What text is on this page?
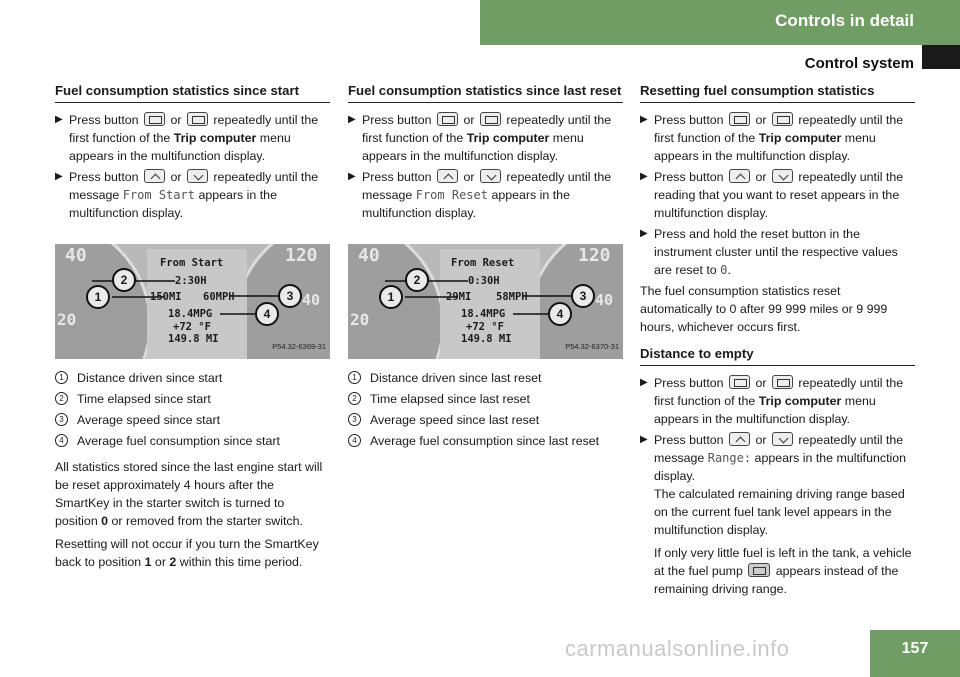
Controls in detail
Control system
Fuel consumption statistics since start
▶ Press button	or	repeatedly until the first function of the Trip computer menu appears in the multifunction display.
▶ Press button	or	repeatedly until the message From Start appears in the multifunction display.
40
20
120
40
From Start
2:30H
150MI 60MPH
18.4MPG
+72 °F
149.8 MI
1
2
3
4
P54.32-6369-31
1	Distance driven since start
2	Time elapsed since start
3	Average speed since start
4	Average fuel consumption since start
All statistics stored since the last engine start will be reset approximately 4 hours after the SmartKey in the starter switch is turned to position 0 or removed from the starter switch.
Resetting will not occur if you turn the SmartKey back to position 1 or 2 within this time period.
Fuel consumption statistics since last reset
▶ Press button	or	repeatedly until the first function of the Trip computer menu appears in the multifunction display.
▶ Press button	or	repeatedly until the message From Reset appears in the multifunction display.
40
20
120
40
From Reset
0:30H
29MI 58MPH
18.4MPG
+72 °F
149.8 MI
1
2
3
4
P54.32-6370-31
1	Distance driven since last reset
2	Time elapsed since last reset
3	Average speed since last reset
4	Average fuel consumption since last reset
Resetting fuel consumption statistics
▶ Press button	or	repeatedly until the first function of the Trip computer menu appears in the multifunction display.
▶ Press button	or	repeatedly until the reading that you want to reset appears in the multifunction display.
▶ Press and hold the reset button in the instrument cluster until the respective values are reset to 0.
The fuel consumption statistics reset automatically to 0 after 99 999 miles or 9 999 hours, whichever occurs first.
Distance to empty
▶ Press button	or	repeatedly until the first function of the Trip computer menu appears in the multifunction display.
▶ Press button	or	repeatedly until the message Range: appears in the multifunction display.
The calculated remaining driving range based on the current fuel tank level appears in the multifunction display.
If only very little fuel is left in the tank, a vehicle at the fuel pump	appears instead of the remaining driving range.
157
carmanualsonline.info
